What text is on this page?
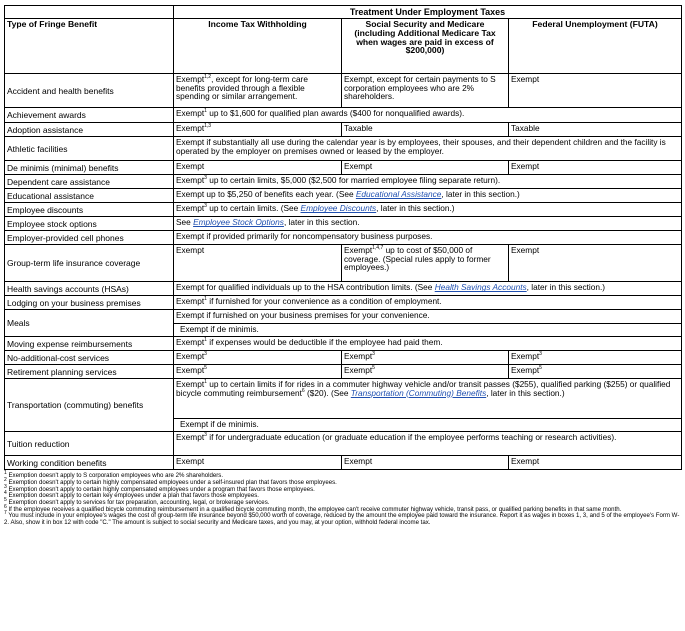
	Treatment Under Employment Taxes		
Type of Fringe Benefit	Income Tax Withholding	Social Security and Medicare (including Additional Medicare Tax when wages are paid in excess of $200,000)	Federal Unemployment (FUTA)
Accident and health benefits	Exempt$^{1,2}$, except for long-term care benefits provided through a flexible spending or similar arrangement.	Exempt, except for certain payments to S corporation employees who are 2% shareholders.	Exempt
Achievement awards	Exempt$^1$ up to $1,600 for qualified plan awards ($400 for nonqualified awards).		
Adoption assistance	Exempt$^{1,3}$	Taxable	Taxable
Athletic facilities	Exempt if substantially all use during the calendar year is by employees, their spouses, and their dependent children and the facility is operated by the employer on premises owned or leased by the employer.		
De minimis (minimal) benefits	Exempt	Exempt	Exempt
Dependent care assistance	Exempt$^3$ up to certain limits, $5,000 ($2,500 for married employee filing separate return).		
Educational assistance	Exempt up to $5,250 of benefits each year. (See Educational Assistance, later in this section.)		
Employee discounts	Exempt$^3$ up to certain limits. (See Employee Discounts, later in this section.)		
Employee stock options	See Employee Stock Options, later in this section.		
Employer-provided cell phones	Exempt if provided primarily for noncompensatory business purposes.		
Group-term life insurance coverage	Exempt	Exempt$^{1,4,7}$ up to cost of $50,000 of coverage. (Special rules apply to former employees.)	Exempt
Health savings accounts (HSAs)	Exempt for qualified individuals up to the HSA contribution limits. (See Health Savings Accounts, later in this section.)		
Lodging on your business premises	Exempt$^1$ if furnished for your convenience as a condition of employment.		
Meals	Exempt if furnished on your business premises for your convenience.		
	Exempt if de minimis.		
Moving expense reimbursements	Exempt$^1$ if expenses would be deductible if the employee had paid them.		
No-additional-cost services	Exempt$^3$	Exempt$^3$	Exempt$^3$
Retirement planning services	Exempt$^5$	Exempt$^5$	Exempt$^5$
Transportation (commuting) benefits	Exempt$^1$ up to certain limits if for rides in a commuter highway vehicle and/or transit passes ($255), qualified parking ($255) or qualified bicycle commuting reimbursement$^6$ ($20). (See Transportation (Commuting) Benefits, later in this section.)		
	Exempt if de minimis.		
Tuition reduction	Exempt$^3$ if for undergraduate education (or graduate education if the employee performs teaching or research activities).		
Working condition benefits	Exempt	Exempt	Exempt
$^1$ Exemption doesn't apply to S corporation employees who are 2% shareholders.
$^2$ Exemption doesn't apply to certain highly compensated employees under a self-insured plan that favors those employees.
$^3$ Exemption doesn't apply to certain highly compensated employees under a program that favors those employees.
$^4$ Exemption doesn't apply to certain key employees under a plan that favors those employees.
$^5$ Exemption doesn't apply to services for tax preparation, accounting, legal, or brokerage services.
$^6$ If the employee receives a qualified bicycle commuting reimbursement in a qualified bicycle commuting month, the employee can't receive commuter highway vehicle, transit pass, or qualified parking benefits in that same month.
$^7$ You must include in your employee's wages the cost of group-term life insurance beyond $50,000 worth of coverage, reduced by the amount the employee paid toward the insurance. Report it as wages in boxes 1, 3, and 5 of the employee's Form W-2. Also, show it in box 12 with code "C." The amount is subject to social security and Medicare taxes, and you may, at your option, withhold federal income tax.
